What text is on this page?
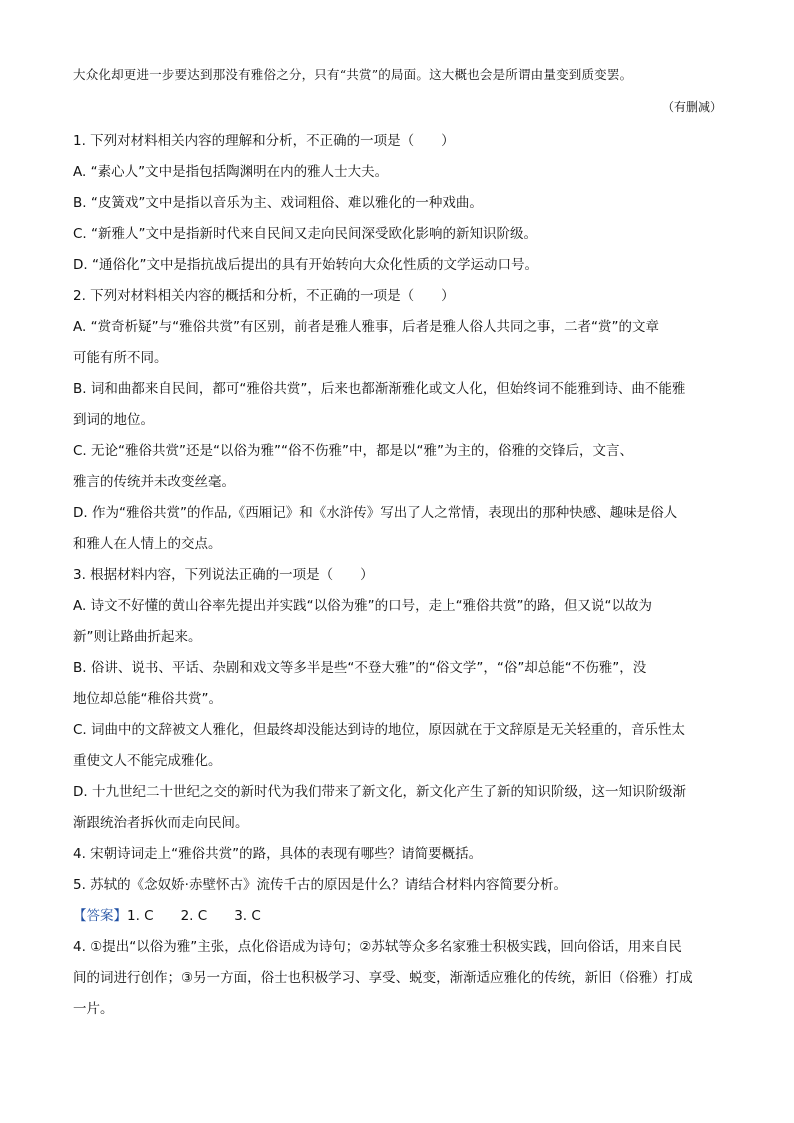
大众化却更进一步要达到那没有雅俗之分，只有“共赏”的局面。这大概也会是所谓由量变到质变罢。
（有删减）
1. 下列对材料相关内容的理解和分析，不正确的一项是（　　）
A. “素心人”文中是指包括陶渊明在内的雅人士大夫。
B. “皮簧戏”文中是指以音乐为主、戏词粗俗、难以雅化的一种戏曲。
C. “新雅人”文中是指新时代来自民间又走向民间深受欧化影响的新知识阶级。
D. “通俗化”文中是指抗战后提出的具有开始转向大众化性质的文学运动口号。
2. 下列对材料相关内容的概括和分析，不正确的一项是（　　）
A. “赏奇析疑”与“雅俗共赏”有区别，前者是雅人雅事，后者是雅人俗人共同之事，二者“赏”的文章
可能有所不同。
B. 词和曲都来自民间，都可“雅俗共赏”，后来也都渐渐雅化或文人化，但始终词不能雅到诗、曲不能雅
到词的地位。
C. 无论“雅俗共赏”还是“以俗为雅”“俗不伤雅”中，都是以“雅”为主的，俗雅的交锋后，文言、
雅言的传统并未改变丝毫。
D. 作为“雅俗共赏”的作品,《西厢记》和《水浒传》写出了人之常情，表现出的那种快感、趣味是俗人
和雅人在人情上的交点。
3. 根据材料内容，下列说法正确的一项是（　　）
A. 诗文不好懂的黄山谷率先提出并实践“以俗为雅”的口号，走上“雅俗共赏”的路，但又说“以故为
新”则让路曲折起来。
B. 俗讲、说书、平话、杂剧和戏文等多半是些“不登大雅”的“俗文学”，“俗”却总能“不伤雅”，没
地位却总能“稚俗共赏”。
C. 词曲中的文辞被文人雅化，但最终却没能达到诗的地位，原因就在于文辞原是无关轻重的，音乐性太
重使文人不能完成雅化。
D. 十九世纪二十世纪之交的新时代为我们带来了新文化，新文化产生了新的知识阶级，这一知识阶级渐
渐跟统治者拆伙而走向民间。
4. 宋朝诗词走上“雅俗共赏”的路，具体的表现有哪些？请简要概括。
5. 苏轼的《念奴娇·赤壁怀古》流传千古的原因是什么？请结合材料内容简要分析。
【答案】1. C　　2. C　　3. C
4. ①提出“以俗为雅”主张，点化俗语成为诗句；②苏轼等众多名家雅士积极实践，回向俗话，用来自民
间的词进行创作；③另一方面，俗士也积极学习、享受、蜕变，渐渐适应雅化的传统，新旧（俗雅）打成
一片。
